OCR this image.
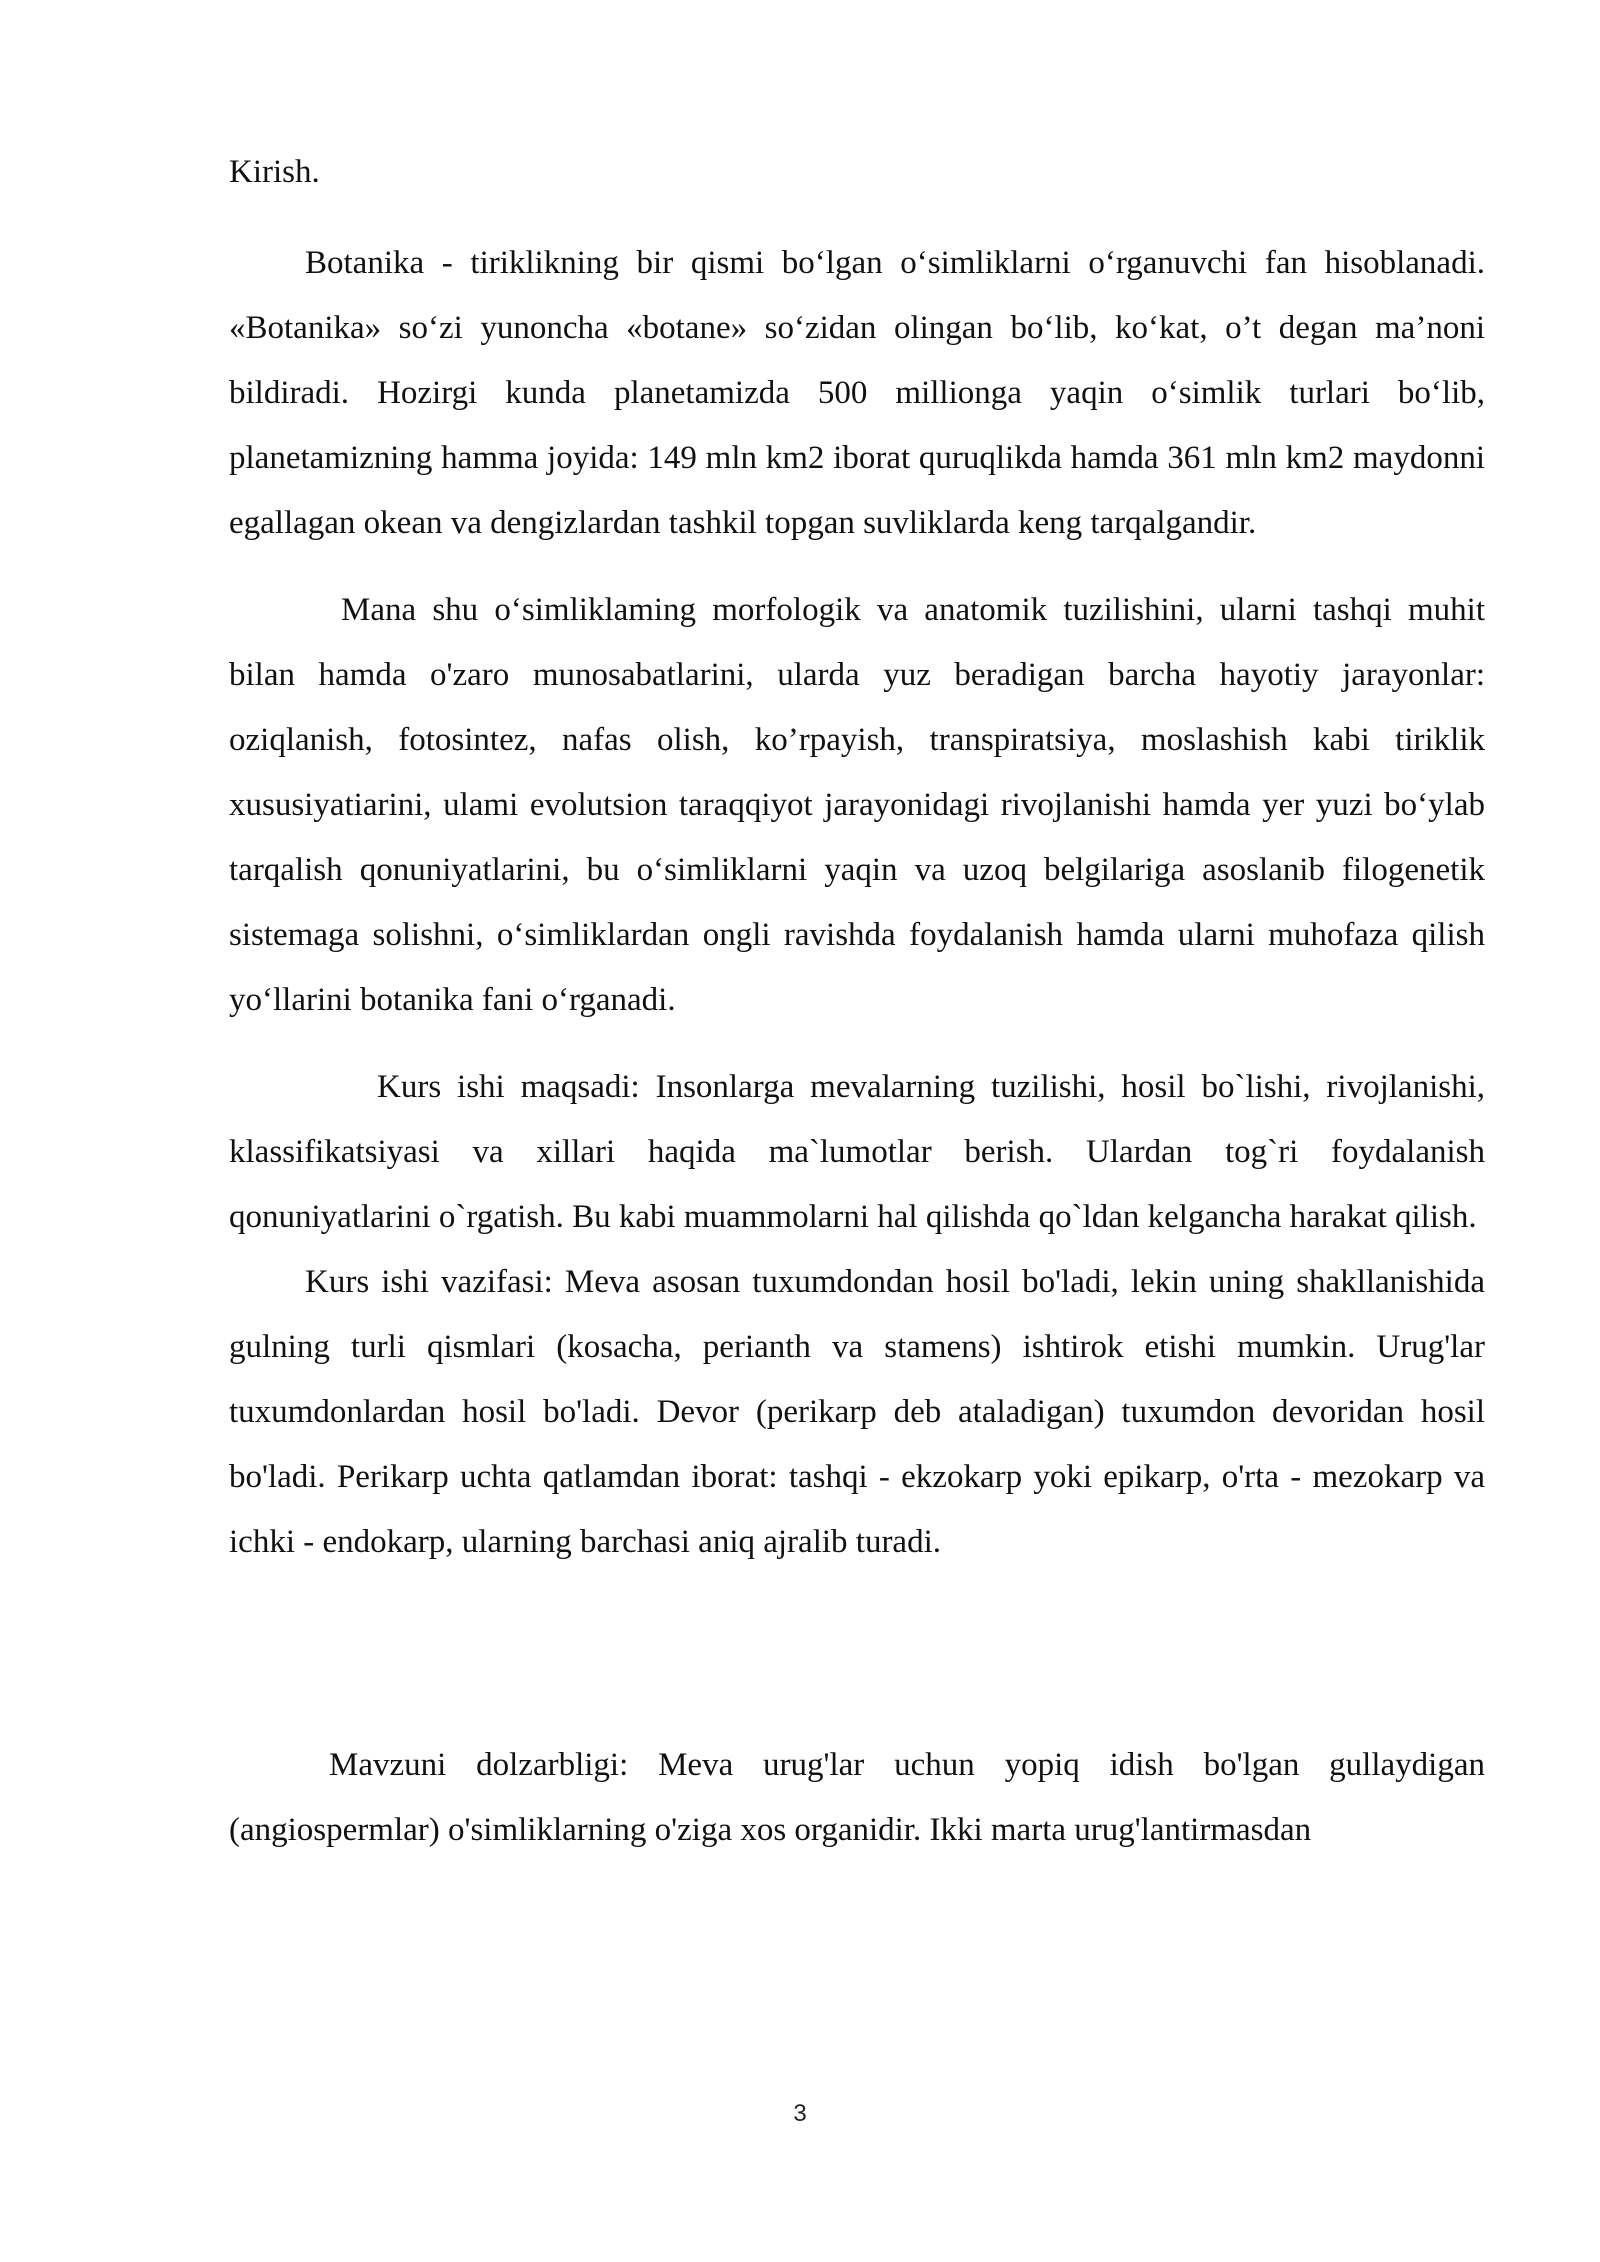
Kirish.

Botanika - tiriklikning bir qismi bo‘lgan o‘simliklarni o‘rganuvchi fan hisoblanadi. «Botanika» so‘zi yunoncha «botane» so‘zidan olingan bo‘lib, ko‘kat, o’t degan ma’noni bildiradi. Hozirgi kunda planetamizda 500 millionga yaqin o‘simlik turlari bo‘lib, planetamizning hamma joyida: 149 mln km2 iborat quruqlikda hamda 361 mln km2 maydonni egallagan okean va dengizlardan tashkil topgan suvliklarda keng tarqalgandir.

Mana shu o‘simliklaming morfologik va anatomik tuzilishini, ularni tashqi muhit bilan hamda o'zaro munosabatlarini, ularda yuz beradigan barcha hayotiy jarayonlar: oziqlanish, fotosintez, nafas olish, ko’rpayish, transpiratsiya, moslashish kabi tiriklik xususiyatiarini, ulami evolutsion taraqqiyot jarayonidagi rivojlanishi hamda yer yuzi bo‘ylab tarqalish qonuniyatlarini, bu o‘simliklarni yaqin va uzoq belgilariga asoslanib filogenetik sistemaga solishni, o‘simliklardan ongli ravishda foydalanish hamda ularni muhofaza qilish yo‘llarini botanika fani o‘rganadi.

Kurs ishi maqsadi: Insonlarga mevalarning tuzilishi, hosil bo`lishi, rivojlanishi, klassifikatsiyasi va xillari haqida ma`lumotlar berish. Ulardan tog`ri foydalanish qonuniyatlarini o`rgatish. Bu kabi muammolarni hal qilishda qo`ldan kelgancha harakat qilish.

Kurs ishi vazifasi: Meva asosan tuxumdondan hosil bo'ladi, lekin uning shakllanishida gulning turli qismlari (kosacha, perianth va stamens) ishtirok etishi mumkin. Urug'lar tuxumdonlardan hosil bo'ladi. Devor (perikarp deb ataladigan) tuxumdon devoridan hosil bo'ladi. Perikarp uchta qatlamdan iborat: tashqi - ekzokarp yoki epikarp, o'rta - mezokarp va ichki - endokarp, ularning barchasi aniq ajralib turadi.

Mavzuni dolzarbligi: Meva urug'lar uchun yopiq idish bo'lgan gullaydigan (angiospermlar) o'simliklarning o'ziga xos organidir. Ikki marta urug'lantirmasdan

3
